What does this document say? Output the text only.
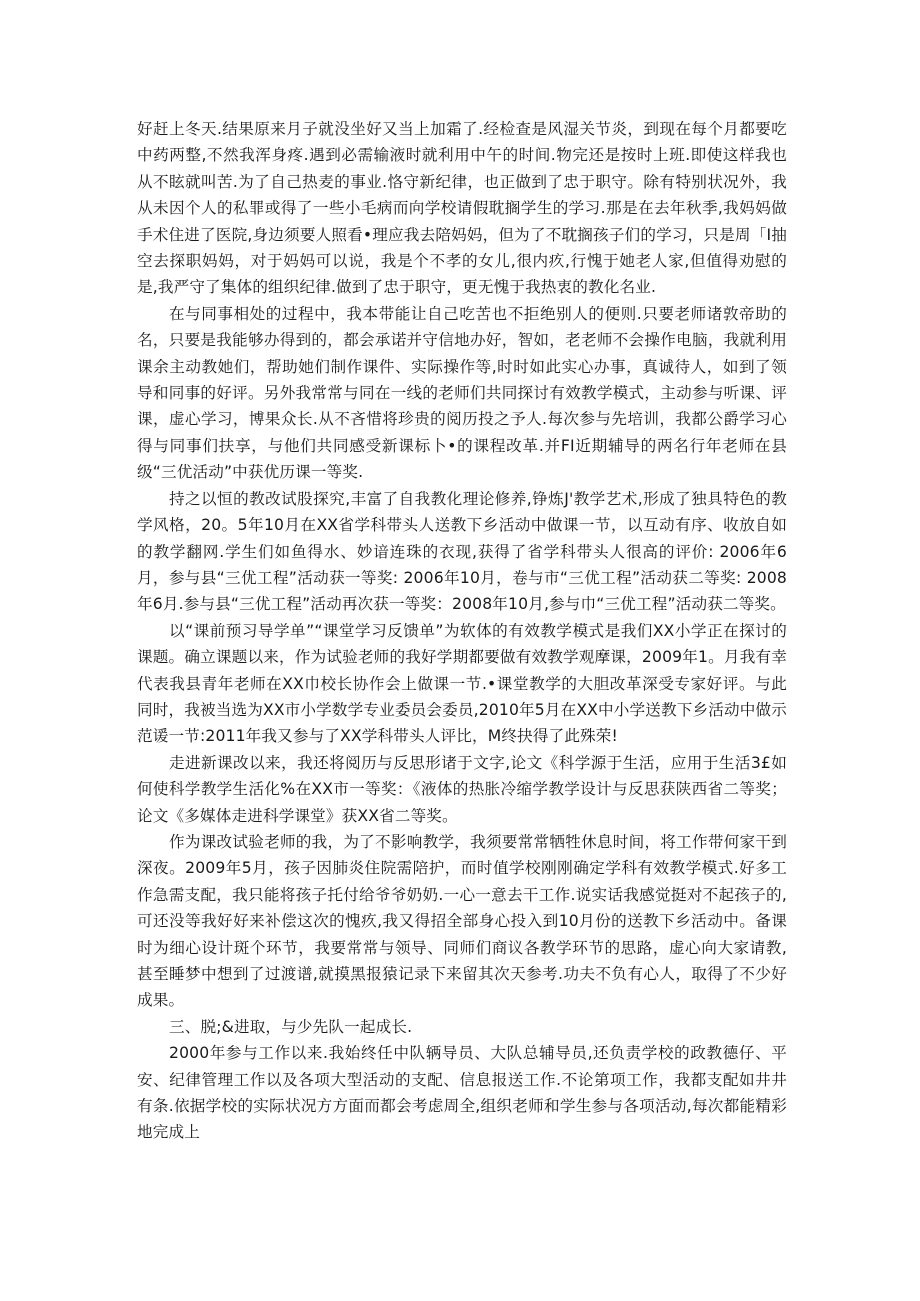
好赶上冬天.结果原来月子就没坐好又当上加霜了.经检查是风湿关节炎，到现在每个月都要吃中药两整,不然我浑身疼.遇到必需输液时就利用中午的时间.物完还是按时上班.即使这样我也从不眩就叫苦.为了自己热麦的事业.恪守新纪律，也正做到了忠于职守。除有特别状况外，我从未因个人的私罪或得了一些小毛病而向学校请假耽搁学生的学习.那是在去年秋季,我妈妈做手术住进了医院,身边须要人照看•理应我去陪妈妈，但为了不耽搁孩子们的学习，只是周「I抽空去探职妈妈，对于妈妈可以说，我是个不孝的女儿,很内疚,行愧于她老人家,但值得劝慰的是,我严守了集体的组织纪律.做到了忠于职守，更无愧于我热衷的教化名业.

在与同事相处的过程中，我本带能让自己吃苦也不拒绝别人的便则.只要老师诸敦帝助的名，只要是我能够办得到的，都会承诺并守信地办好，智如，老老师不会操作电脑，我就利用课余主动教她们，帮助她们制作课件、实际操作等,时时如此实心办事，真诚待人，如到了领导和同事的好评。另外我常常与同在一线的老师们共同探讨有效教学模式，主动参与听课、评课，虚心学习，博果众长.从不吝惜将珍贵的阅历投之予人.每次参与先培训，我都公爵学习心得与同事们扶享，与他们共同感受新课标卜•的课程改革.并FI近期辅导的两名行年老师在县级“三优活动”中获优历课一等奖.

持之以恒的教改试股探究,丰富了自我教化理论修养,铮炼J'教学艺术,形成了独具特色的教学风格，20。5年10月在XX省学科带头人送教下乡活动中做课一节，以互动有序、收放自如的教学翻网.学生们如鱼得水、妙谙连珠的衣现,获得了省学科带头人很高的评价: 2006年6月，参与县“三优工程”活动获一等奖: 2006年10月，卷与市“三优工程”活动获二等奖: 2008年6月.参与县“三优工程”活动再次获一等奖：2008年10月,参与巾“三优工程”活动获二等奖。

以“课前预习导学单”“课堂学习反馈单”为软体的有效教学模式是我们XX小学正在探讨的课题。确立课题以来，作为试验老师的我好学期都要做有效教学观摩课，2009年1。月我有幸代表我县青年老师在XX巾校长协作会上做课一节.•课堂教学的大胆改革深受专家好评。与此同时，我被当选为XX市小学数学专业委员会委员,2010年5月在XX中小学送教下乡活动中做示范谖一节:2011年我又参与了XX学科带头人评比，M终抉得了此殊荣!

走进新课改以来，我还将阅历与反思形诸于文字,论文《科学源于生活，应用于生活3£如何使科学教学生活化%在XX市一等奖：《液体的热胀冷缩学教学设计与反思获陕西省二等奖；论文《多媒体走进科学课堂》获XX省二等奖。

作为课改试验老师的我，为了不影响教学，我须要常常牺牲休息时间，将工作带何家干到深夜。2009年5月，孩子因肺炎住院需陪护，而时值学校刚刚确定学科有效教学模式.好多工作急需支配，我只能将孩子托付给爷爷奶奶.一心一意去干工作.说实话我感觉挺对不起孩子的,可还没等我好好来补偿这次的愧疚,我又得招全部身心投入到10月份的送教下乡活动中。备课时为细心设计斑个环节，我要常常与领导、同师们商议各教学环节的思路，虚心向大家请教,甚至睡梦中想到了过渡谱,就摸黑报猿记录下来留其次天参考.功夫不负有心人，取得了不少好成果。

三、脱;&进取，与少先队一起成长.

2000年参与工作以来.我始终任中队辆导员、大队总辅导员,还负责学校的政教德仔、平安、纪律管理工作以及各项大型活动的支配、信息报送工作.不论第项工作，我都支配如井井有条.依据学校的实际状况方方面而都会考虑周全,组织老师和学生参与各项活动,每次都能精彩地完成上
